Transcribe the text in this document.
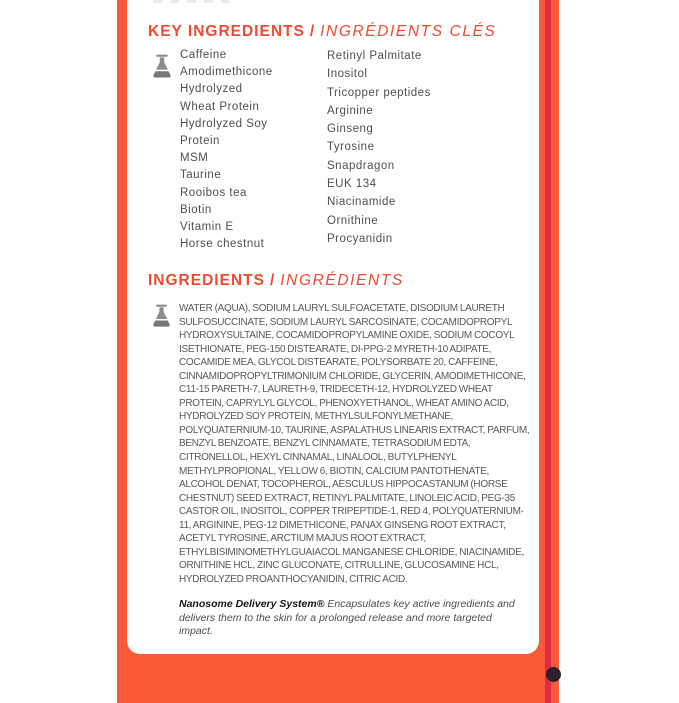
KEY INGREDIENTS / INGRÉDIENTS CLÉS
Caffeine
Amodimethicone
Hydrolyzed
Wheat Protein
Hydrolyzed Soy
Protein
MSM
Taurine
Rooibos tea
Biotin
Vitamin E
Horse chestnut
Retinyl Palmitate
Inositol
Tricopper peptides
Arginine
Ginseng
Tyrosine
Snapdragon
EUK 134
Niacinamide
Ornithine
Procyanidin
INGREDIENTS / INGRÉDIENTS
WATER (AQUA), SODIUM LAURYL SULFOACETATE, DISODIUM LAURETH SULFOSUCCINATE, SODIUM LAURYL SARCOSINATE, COCAMIDOPROPYL HYDROXYSULTAINE, COCAMIDOPROPYLAMINE OXIDE, SODIUM COCOYL ISETHIONATE, PEG-150 DISTEARATE, DI-PPG-2 MYRETH-10 ADIPATE, COCAMIDE MEA, GLYCOL DISTEARATE, POLYSORBATE 20, CAFFEINE, CINNAMIDOPROPYLTRIMONIUM CHLORIDE, GLYCERIN, AMODIMETHICONE, C11-15 PARETH-7, LAURETH-9, TRIDECETH-12, HYDROLYZED WHEAT PROTEIN, CAPRYLYL GLYCOL, PHENOXYETHANOL, WHEAT AMINO ACID, HYDROLYZED SOY PROTEIN, METHYLSULFONYLMETHANE, POLYQUATERNIUM-10, TAURINE, ASPALATHUS LINEARIS EXTRACT, PARFUM, BENZYL BENZOATE, BENZYL CINNAMATE, TETRASODIUM EDTA, CITRONELLOL, HEXYL CINNAMAL, LINALOOL, BUTYLPHENYL METHYLPROPIONAL, YELLOW 6, BIOTIN, CALCIUM PANTOTHENATE, ALCOHOL DENAT, TOCOPHEROL, AESCULUS HIPPOCASTANUM (HORSE CHESTNUT) SEED EXTRACT, RETINYL PALMITATE, LINOLEIC ACID, PEG-35 CASTOR OIL, INOSITOL, COPPER TRIPEPTIDE-1, RED 4, POLYQUATERNIUM-11, ARGININE, PEG-12 DIMETHICONE, PANAX GINSENG ROOT EXTRACT, ACETYL TYROSINE, ARCTIUM MAJUS ROOT EXTRACT, ETHYLBISIMINOMETHYLGUAIACOL MANGANESE CHLORIDE, NIACINAMIDE, ORNITHINE HCL, ZINC GLUCONATE, CITRULLINE, GLUCOSAMINE HCL, HYDROLYZED PROANTHOCYANIDIN, CITRIC ACID.
Nanosome Delivery System® Encapsulates key active ingredients and delivers them to the skin for a prolonged release and more targeted impact.
